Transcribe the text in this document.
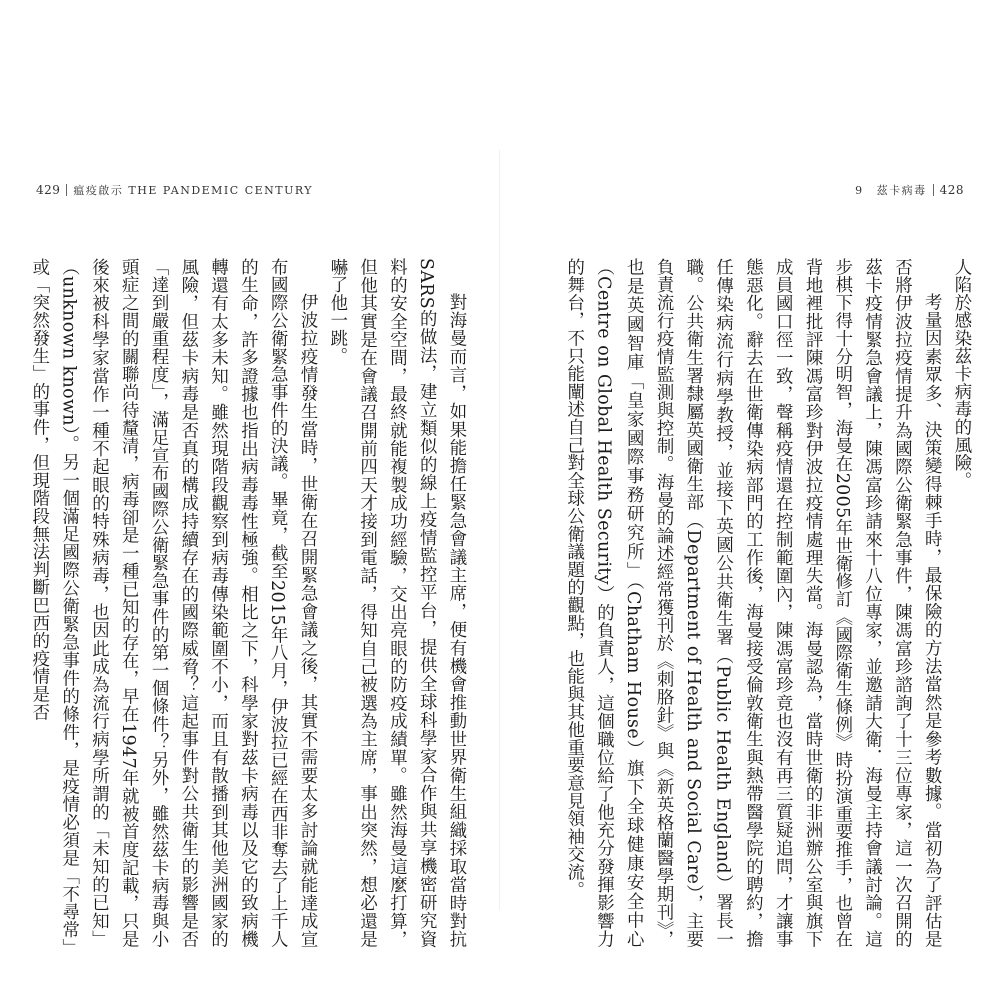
429 瘟疫啟示 THE PANDEMIC CENTURY	9 茲卡病毒 428

人陷於感染茲卡病毒的風險。

考量因素眾多、決策變得棘手時，最保險的方法當然是參考數據。當初為了評估是否將伊波拉疫情提升為國際公衛緊急事件，陳馮富珍諮詢了十三位專家，這一次召開的茲卡疫情緊急會議上，陳馮富珍請來十八位專家，並邀請大衛．海曼主持會議討論。這步棋下得十分明智，海曼在2005年世衛修訂《國際衛生條例》時扮演重要推手，也曾在背地裡批評陳馮富珍對伊波拉疫情處理失當。海曼認為，當時世衛的非洲辦公室與旗下成員國口徑一致，聲稱疫情還在控制範圍內，陳馮富珍竟也沒有再三質疑追問，才讓事態惡化。辭去在世衛傳染病部門的工作後，海曼接受倫敦衛生與熱帶醫學院的聘約，擔任傳染病流行病學教授，並接下英國公共衛生署（Public Health England）署長一職。公共衛生署隸屬英國衛生部（Department of Health and Social Care），主要負責流行疫情監測與控制。海曼的論述經常獲刊於《刺胳針》與《新英格蘭醫學期刊》，也是英國智庫「皇家國際事務研究所」（Chatham House）旗下全球健康安全中心（Centre on Global Health Security）的負責人，這個職位給了他充分發揮影響力的舞台，不只能闡述自己對全球公衛議題的觀點，也能與其他重要意見領袖交流。

對海曼而言，如果能擔任緊急會議主席，便有機會推動世界衛生組織採取當時對抗SARS的做法，建立類似的線上疫情監控平台，提供全球科學家合作與共享機密研究資料的安全空間，最終就能複製成功經驗，交出亮眼的防疫成績單。雖然海曼這麼打算，但他其實是在會議召開前四天才接到電話，得知自己被選為主席，事出突然，想必還是嚇了他一跳。

伊波拉疫情發生當時，世衛在召開緊急會議之後，其實不需要太多討論就能達成宣布國際公衛緊急事件的決議。畢竟，截至2015年八月，伊波拉已經在西非奪去了上千人的生命，許多證據也指出病毒毒性極強。相比之下，科學家對茲卡病毒以及它的致病機轉還有太多未知。雖然現階段觀察到病毒傳染範圍不小，而且有散播到其他美洲國家的風險，但茲卡病毒是否真的構成持續存在的國際威脅？這起事件對公共衛生的影響是否「達到嚴重程度」，滿足宣布國際公衛緊急事件的第一個條件？另外，雖然茲卡病毒與小頭症之間的關聯尚待釐清，病毒卻是一種已知的存在，早在1947年就被首度記載，只是後來被科學家當作一種不起眼的特殊病毒，也因此成為流行病學所謂的「未知的已知」（unknown known）。另一個滿足國際公衛緊急事件的條件，是疫情必須是「不尋常」或「突然發生」的事件，但現階段無法判斷巴西的疫情是否
